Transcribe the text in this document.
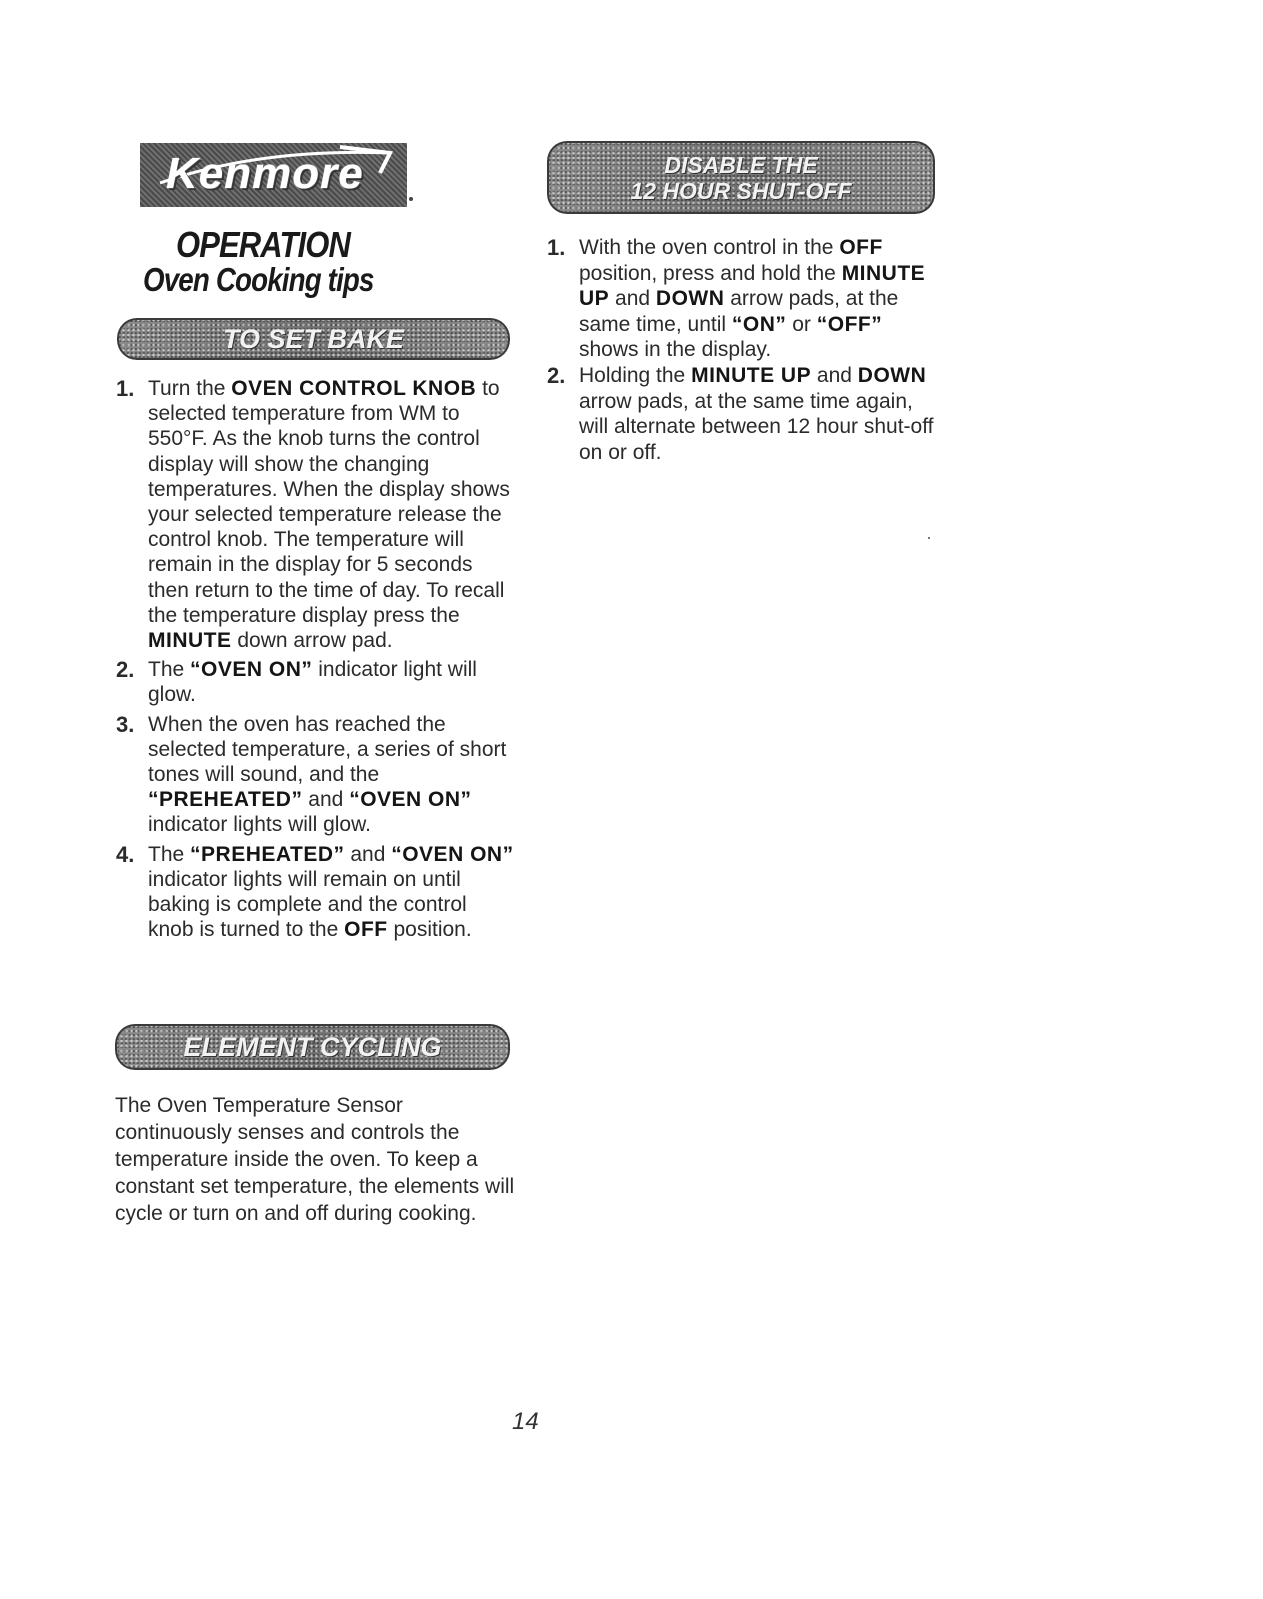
Kenmore
OPERATION
Oven Cooking tips
TO SET BAKE
1. Turn the OVEN CONTROL KNOB to selected temperature from WM to 550°F. As the knob turns the control display will show the changing temperatures. When the display shows your selected temperature release the control knob. The temperature will remain in the display for 5 seconds then return to the time of day. To recall the temperature display press the MINUTE down arrow pad.
2. The “OVEN ON” indicator light will glow.
3. When the oven has reached the selected temperature, a series of short tones will sound, and the “PREHEATED” and “OVEN ON” indicator lights will glow.
4. The “PREHEATED” and “OVEN ON” indicator lights will remain on until baking is complete and the control knob is turned to the OFF position.
ELEMENT CYCLING

The Oven Temperature Sensor continuously senses and controls the temperature inside the oven. To keep a constant set temperature, the elements will cycle or turn on and off during cooking.

DISABLE THE
12 HOUR SHUT-OFF
1. With the oven control in the OFF position, press and hold the MINUTE UP and DOWN arrow pads, at the same time, until “ON” or “OFF” shows in the display.
2. Holding the MINUTE UP and DOWN arrow pads, at the same time again, will alternate between 12 hour shut-off on or off.
14
